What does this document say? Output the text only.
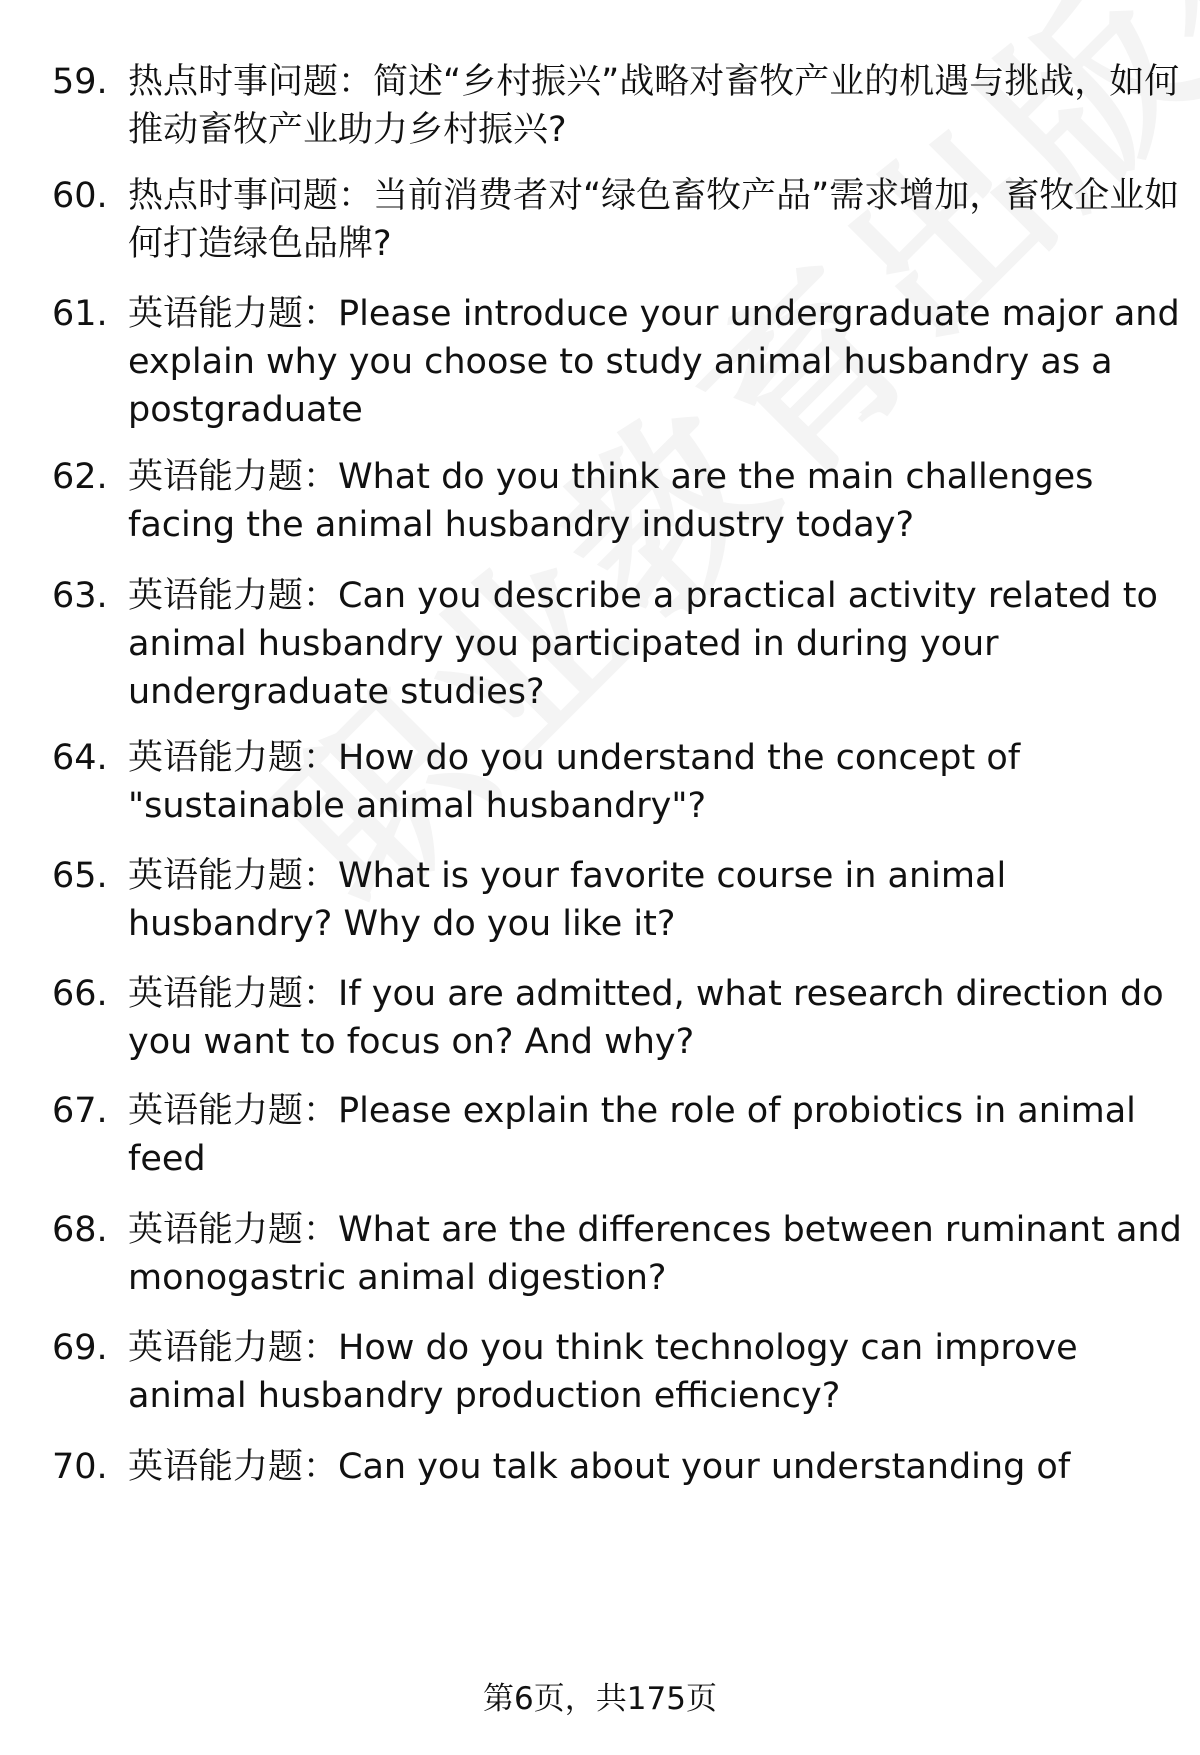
59. 热点时事问题：简述“乡村振兴”战略对畜牧产业的机遇与挑战，如何推动畜牧产业助力乡村振兴?
60. 热点时事问题：当前消费者对“绿色畜牧产品”需求增加，畜牧企业如何打造绿色品牌?
61. 英语能力题：Please introduce your undergraduate major and explain why you choose to study animal husbandry as a postgraduate
62. 英语能力题：What do you think are the main challenges facing the animal husbandry industry today?
63. 英语能力题：Can you describe a practical activity related to animal husbandry you participated in during your undergraduate studies?
64. 英语能力题：How do you understand the concept of "sustainable animal husbandry"?
65. 英语能力题：What is your favorite course in animal husbandry? Why do you like it?
66. 英语能力题：If you are admitted, what research direction do you want to focus on? And why?
67. 英语能力题：Please explain the role of probiotics in animal feed
68. 英语能力题：What are the differences between ruminant and monogastric animal digestion?
69. 英语能力题：How do you think technology can improve animal husbandry production efficiency?
70. 英语能力题：Can you talk about your understanding of
第6页，共175页
